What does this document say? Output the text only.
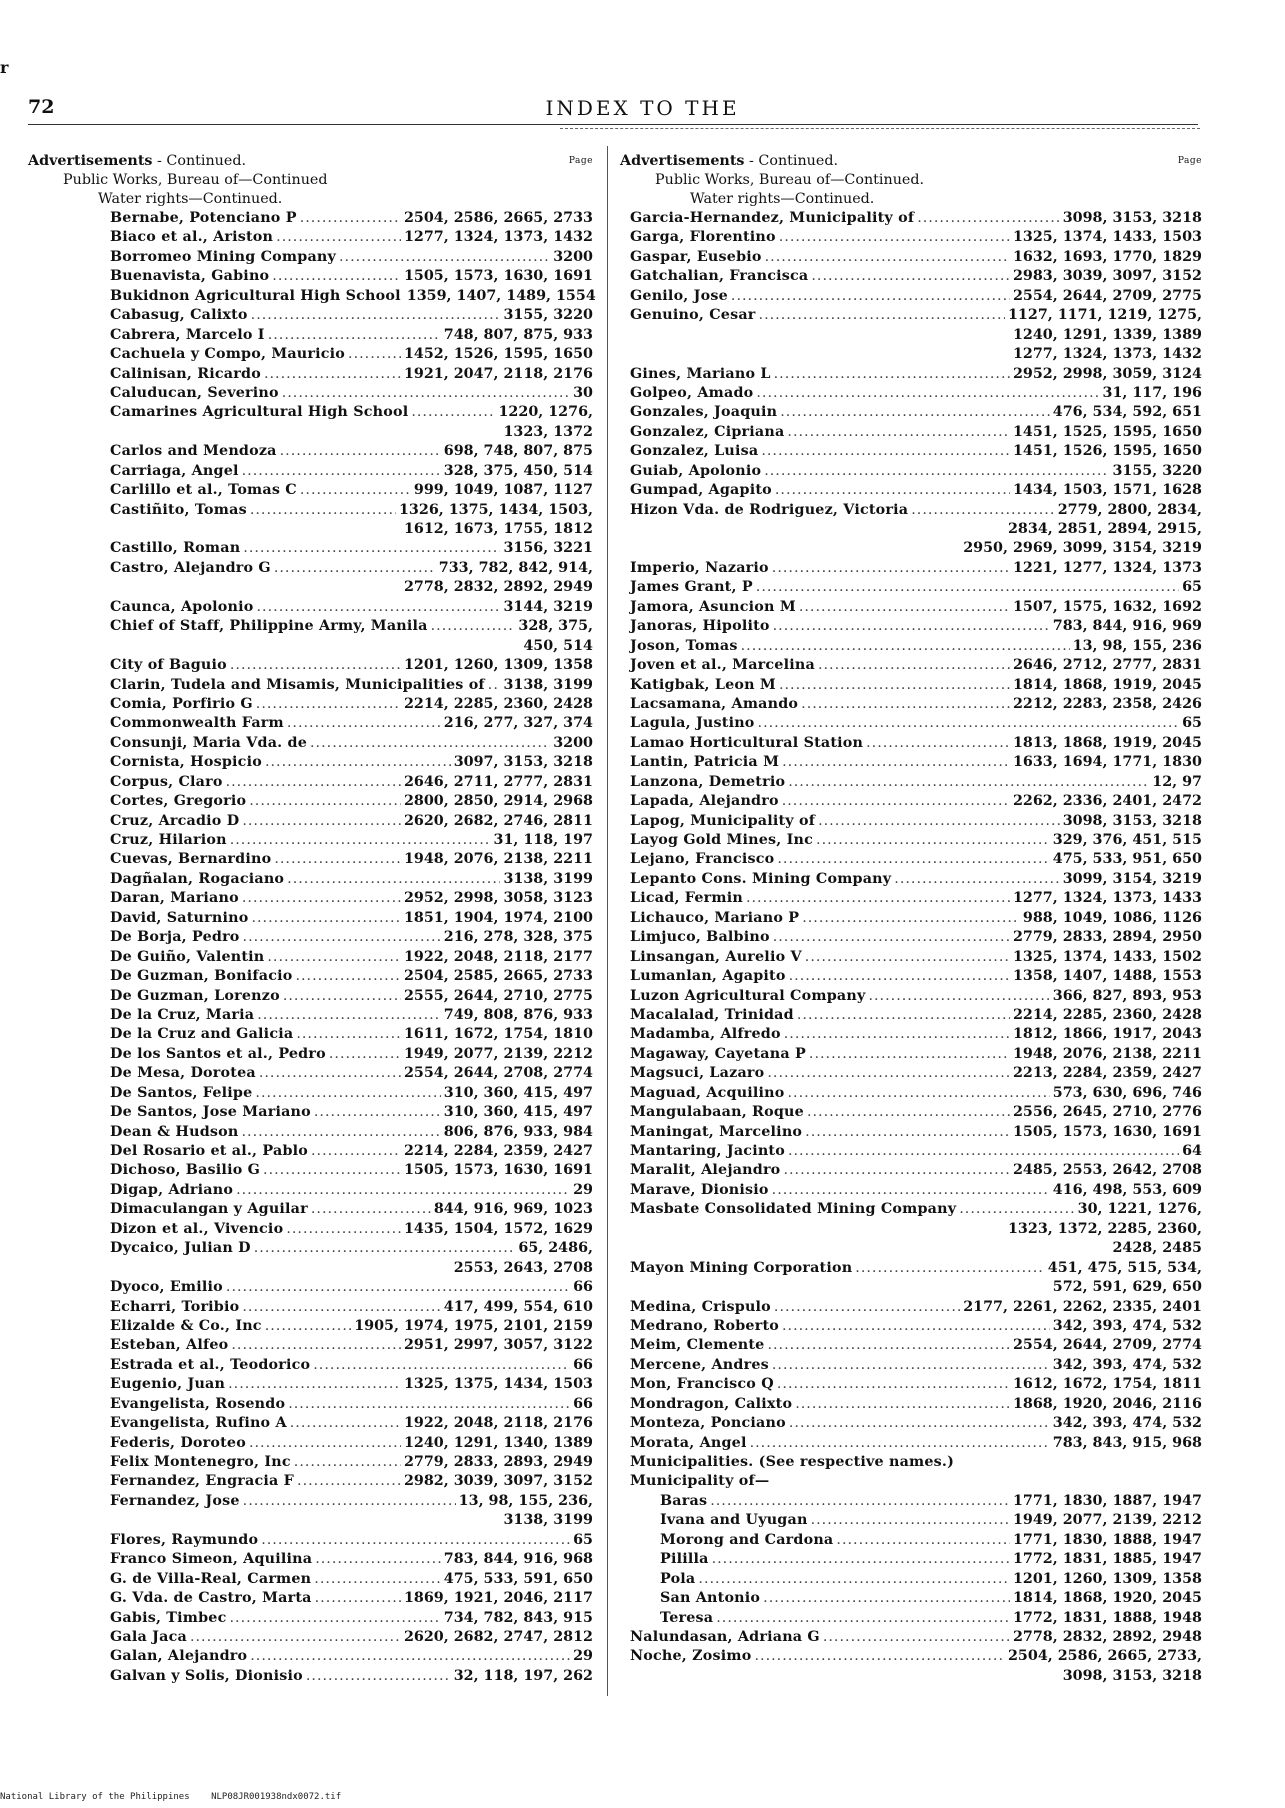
r
72	INDEX TO THE
Advertisements - Continued.	Page
Public Works, Bureau of—Continued
Water rights—Continued.
Bernabe, Potenciano P .....	2504, 2586, 2665, 2733
Biaco et al., Ariston .....	1277, 1324, 1373, 1432
Borromeo Mining Company .....	3200
Buenavista, Gabino .....	1505, 1573, 1630, 1691
Bukidnon Agricultural High School 1359, 1407, 1489, 1554
Cabasug, Calixto .....	3155, 3220
Cabrera, Marcelo I .....	748, 807, 875, 933
Cachuela y Compo, Mauricio .....	1452, 1526, 1595, 1650
Calinisan, Ricardo .....	1921, 2047, 2118, 2176
Caluducan, Severino .....	30
Camarines Agricultural High School .....	1220, 1276,
1323, 1372
Carlos and Mendoza .....	698, 748, 807, 875
Carriaga, Angel .....	328, 375, 450, 514
Carlillo et al., Tomas C .....	999, 1049, 1087, 1127
Castiñito, Tomas .....	1326, 1375, 1434, 1503,
1612, 1673, 1755, 1812
Castillo, Roman .....	3156, 3221
Castro, Alejandro G .....	733, 782, 842, 914,
2778, 2832, 2892, 2949
Caunca, Apolonio .....	3144, 3219
Chief of Staff, Philippine Army, Manila .....	328, 375,
450, 514
City of Baguio .....	1201, 1260, 1309, 1358
Clarin, Tudela and Misamis, Municipalities of ..... 3138, 3199
Comia, Porfirio G .....	2214, 2285, 2360, 2428
Commonwealth Farm .....	216, 277, 327, 374
Consunji, Maria Vda. de .....	3200
Cornista, Hospicio .....	3097, 3153, 3218
Corpus, Claro .....	2646, 2711, 2777, 2831
Cortes, Gregorio .....	2800, 2850, 2914, 2968
Cruz, Arcadio D .....	2620, 2682, 2746, 2811
Cruz, Hilarion .....	31, 118, 197
Cuevas, Bernardino .....	1948, 2076, 2138, 2211
Dagñalan, Rogaciano .....	3138, 3199
Daran, Mariano .....	2952, 2998, 3058, 3123
David, Saturnino .....	1851, 1904, 1974, 2100
De Borja, Pedro .....	216, 278, 328, 375
De Guiño, Valentin .....	1922, 2048, 2118, 2177
De Guzman, Bonifacio .....	2504, 2585, 2665, 2733
De Guzman, Lorenzo .....	2555, 2644, 2710, 2775
De la Cruz, Maria .....	749, 808, 876, 933
De la Cruz and Galicia .....	1611, 1672, 1754, 1810
De los Santos et al., Pedro .....	1949, 2077, 2139, 2212
De Mesa, Dorotea .....	2554, 2644, 2708, 2774
De Santos, Felipe .....	310, 360, 415, 497
De Santos, Jose Mariano .....	310, 360, 415, 497
Dean & Hudson .....	806, 876, 933, 984
Del Rosario et al., Pablo .....	2214, 2284, 2359, 2427
Dichoso, Basilio G .....	1505, 1573, 1630, 1691
Digap, Adriano .....	29
Dimaculangan y Aguilar .....	844, 916, 969, 1023
Dizon et al., Vivencio .....	1435, 1504, 1572, 1629
Dycaico, Julian D .....	65, 2486,
2553, 2643, 2708
Dyoco, Emilio .....	66
Echarri, Toribio .....	417, 499, 554, 610
Elizalde & Co., Inc .....	1905, 1974, 1975, 2101, 2159
Esteban, Alfeo .....	2951, 2997, 3057, 3122
Estrada et al., Teodorico .....	66
Eugenio, Juan .....	1325, 1375, 1434, 1503
Evangelista, Rosendo .....	66
Evangelista, Rufino A .....	1922, 2048, 2118, 2176
Federis, Doroteo .....	1240, 1291, 1340, 1389
Felix Montenegro, Inc .....	2779, 2833, 2893, 2949
Fernandez, Engracia F .....	2982, 3039, 3097, 3152
Fernandez, Jose .....	13, 98, 155, 236,
3138, 3199
Flores, Raymundo .....	65
Franco Simeon, Aquilina .....	783, 844, 916, 968
G. de Villa-Real, Carmen .....	475, 533, 591, 650
G. Vda. de Castro, Marta .....	1869, 1921, 2046, 2117
Gabis, Timbec .....	734, 782, 843, 915
Gala Jaca .....	2620, 2682, 2747, 2812
Galan, Alejandro .....	29
Galvan y Solis, Dionisio .....	32, 118, 197, 262
Advertisements - Continued.	Page
Public Works, Bureau of—Continued.
Water rights—Continued.
Garcia-Hernandez, Municipality of .....	3098, 3153, 3218
Garga, Florentino .....	1325, 1374, 1433, 1503
Gaspar, Eusebio .....	1632, 1693, 1770, 1829
Gatchalian, Francisca .....	2983, 3039, 3097, 3152
Genilo, Jose .....	2554, 2644, 2709, 2775
Genuino, Cesar .....	1127, 1171, 1219, 1275,
1240, 1291, 1339, 1389
1277, 1324, 1373, 1432
Gines, Mariano L .....	2952, 2998, 3059, 3124
Golpeo, Amado .....	31, 117, 196
Gonzales, Joaquin .....	476, 534, 592, 651
Gonzalez, Cipriana .....	1451, 1525, 1595, 1650
Gonzalez, Luisa .....	1451, 1526, 1595, 1650
Guiab, Apolonio .....	3155, 3220
Gumpad, Agapito .....	1434, 1503, 1571, 1628
Hizon Vda. de Rodriguez, Victoria .....	2779, 2800, 2834,
2834, 2851, 2894, 2915,
2950, 2969, 3099, 3154, 3219
Imperio, Nazario .....	1221, 1277, 1324, 1373
James Grant, P .....	65
Jamora, Asuncion M .....	1507, 1575, 1632, 1692
Janoras, Hipolito .....	783, 844, 916, 969
Joson, Tomas .....	13, 98, 155, 236
Joven et al., Marcelina .....	2646, 2712, 2777, 2831
Katigbak, Leon M .....	1814, 1868, 1919, 2045
Lacsamana, Amando .....	2212, 2283, 2358, 2426
Lagula, Justino .....	65
Lamao Horticultural Station .....	1813, 1868, 1919, 2045
Lantin, Patricia M .....	1633, 1694, 1771, 1830
Lanzona, Demetrio .....	12, 97
Lapada, Alejandro .....	2262, 2336, 2401, 2472
Lapog, Municipality of .....	3098, 3153, 3218
Layog Gold Mines, Inc .....	329, 376, 451, 515
Lejano, Francisco .....	475, 533, 951, 650
Lepanto Cons. Mining Company .....	3099, 3154, 3219
Licad, Fermin .....	1277, 1324, 1373, 1433
Lichauco, Mariano P .....	988, 1049, 1086, 1126
Limjuco, Balbino .....	2779, 2833, 2894, 2950
Linsangan, Aurelio V .....	1325, 1374, 1433, 1502
Lumanlan, Agapito .....	1358, 1407, 1488, 1553
Luzon Agricultural Company .....	366, 827, 893, 953
Macalalad, Trinidad .....	2214, 2285, 2360, 2428
Madamba, Alfredo .....	1812, 1866, 1917, 2043
Magaway, Cayetana P .....	1948, 2076, 2138, 2211
Magsuci, Lazaro .....	2213, 2284, 2359, 2427
Maguad, Acquilino .....	573, 630, 696, 746
Mangulabaan, Roque .....	2556, 2645, 2710, 2776
Maningat, Marcelino .....	1505, 1573, 1630, 1691
Mantaring, Jacinto .....	64
Maralit, Alejandro .....	2485, 2553, 2642, 2708
Marave, Dionisio .....	416, 498, 553, 609
Masbate Consolidated Mining Company .....	30, 1221, 1276,
1323, 1372, 2285, 2360,
2428, 2485
Mayon Mining Corporation .....	451, 475, 515, 534,
572, 591, 629, 650
Medina, Crispulo .....	2177, 2261, 2262, 2335, 2401
Medrano, Roberto .....	342, 393, 474, 532
Meim, Clemente .....	2554, 2644, 2709, 2774
Mercene, Andres .....	342, 393, 474, 532
Mon, Francisco Q .....	1612, 1672, 1754, 1811
Mondragon, Calixto .....	1868, 1920, 2046, 2116
Monteza, Ponciano .....	342, 393, 474, 532
Morata, Angel .....	783, 843, 915, 968
Municipalities. (See respective names.)
Municipality of—
Baras .....	1771, 1830, 1887, 1947
Ivana and Uyugan .....	1949, 2077, 2139, 2212
Morong and Cardona .....	1771, 1830, 1888, 1947
Pililla .....	1772, 1831, 1885, 1947
Pola .....	1201, 1260, 1309, 1358
San Antonio .....	1814, 1868, 1920, 2045
Teresa .....	1772, 1831, 1888, 1948
Nalundasan, Adriana G .....	2778, 2832, 2892, 2948
Noche, Zosimo .....	2504, 2586, 2665, 2733,
3098, 3153, 3218
National Library of the Philippines NLP08JR001938ndx0072.tif
